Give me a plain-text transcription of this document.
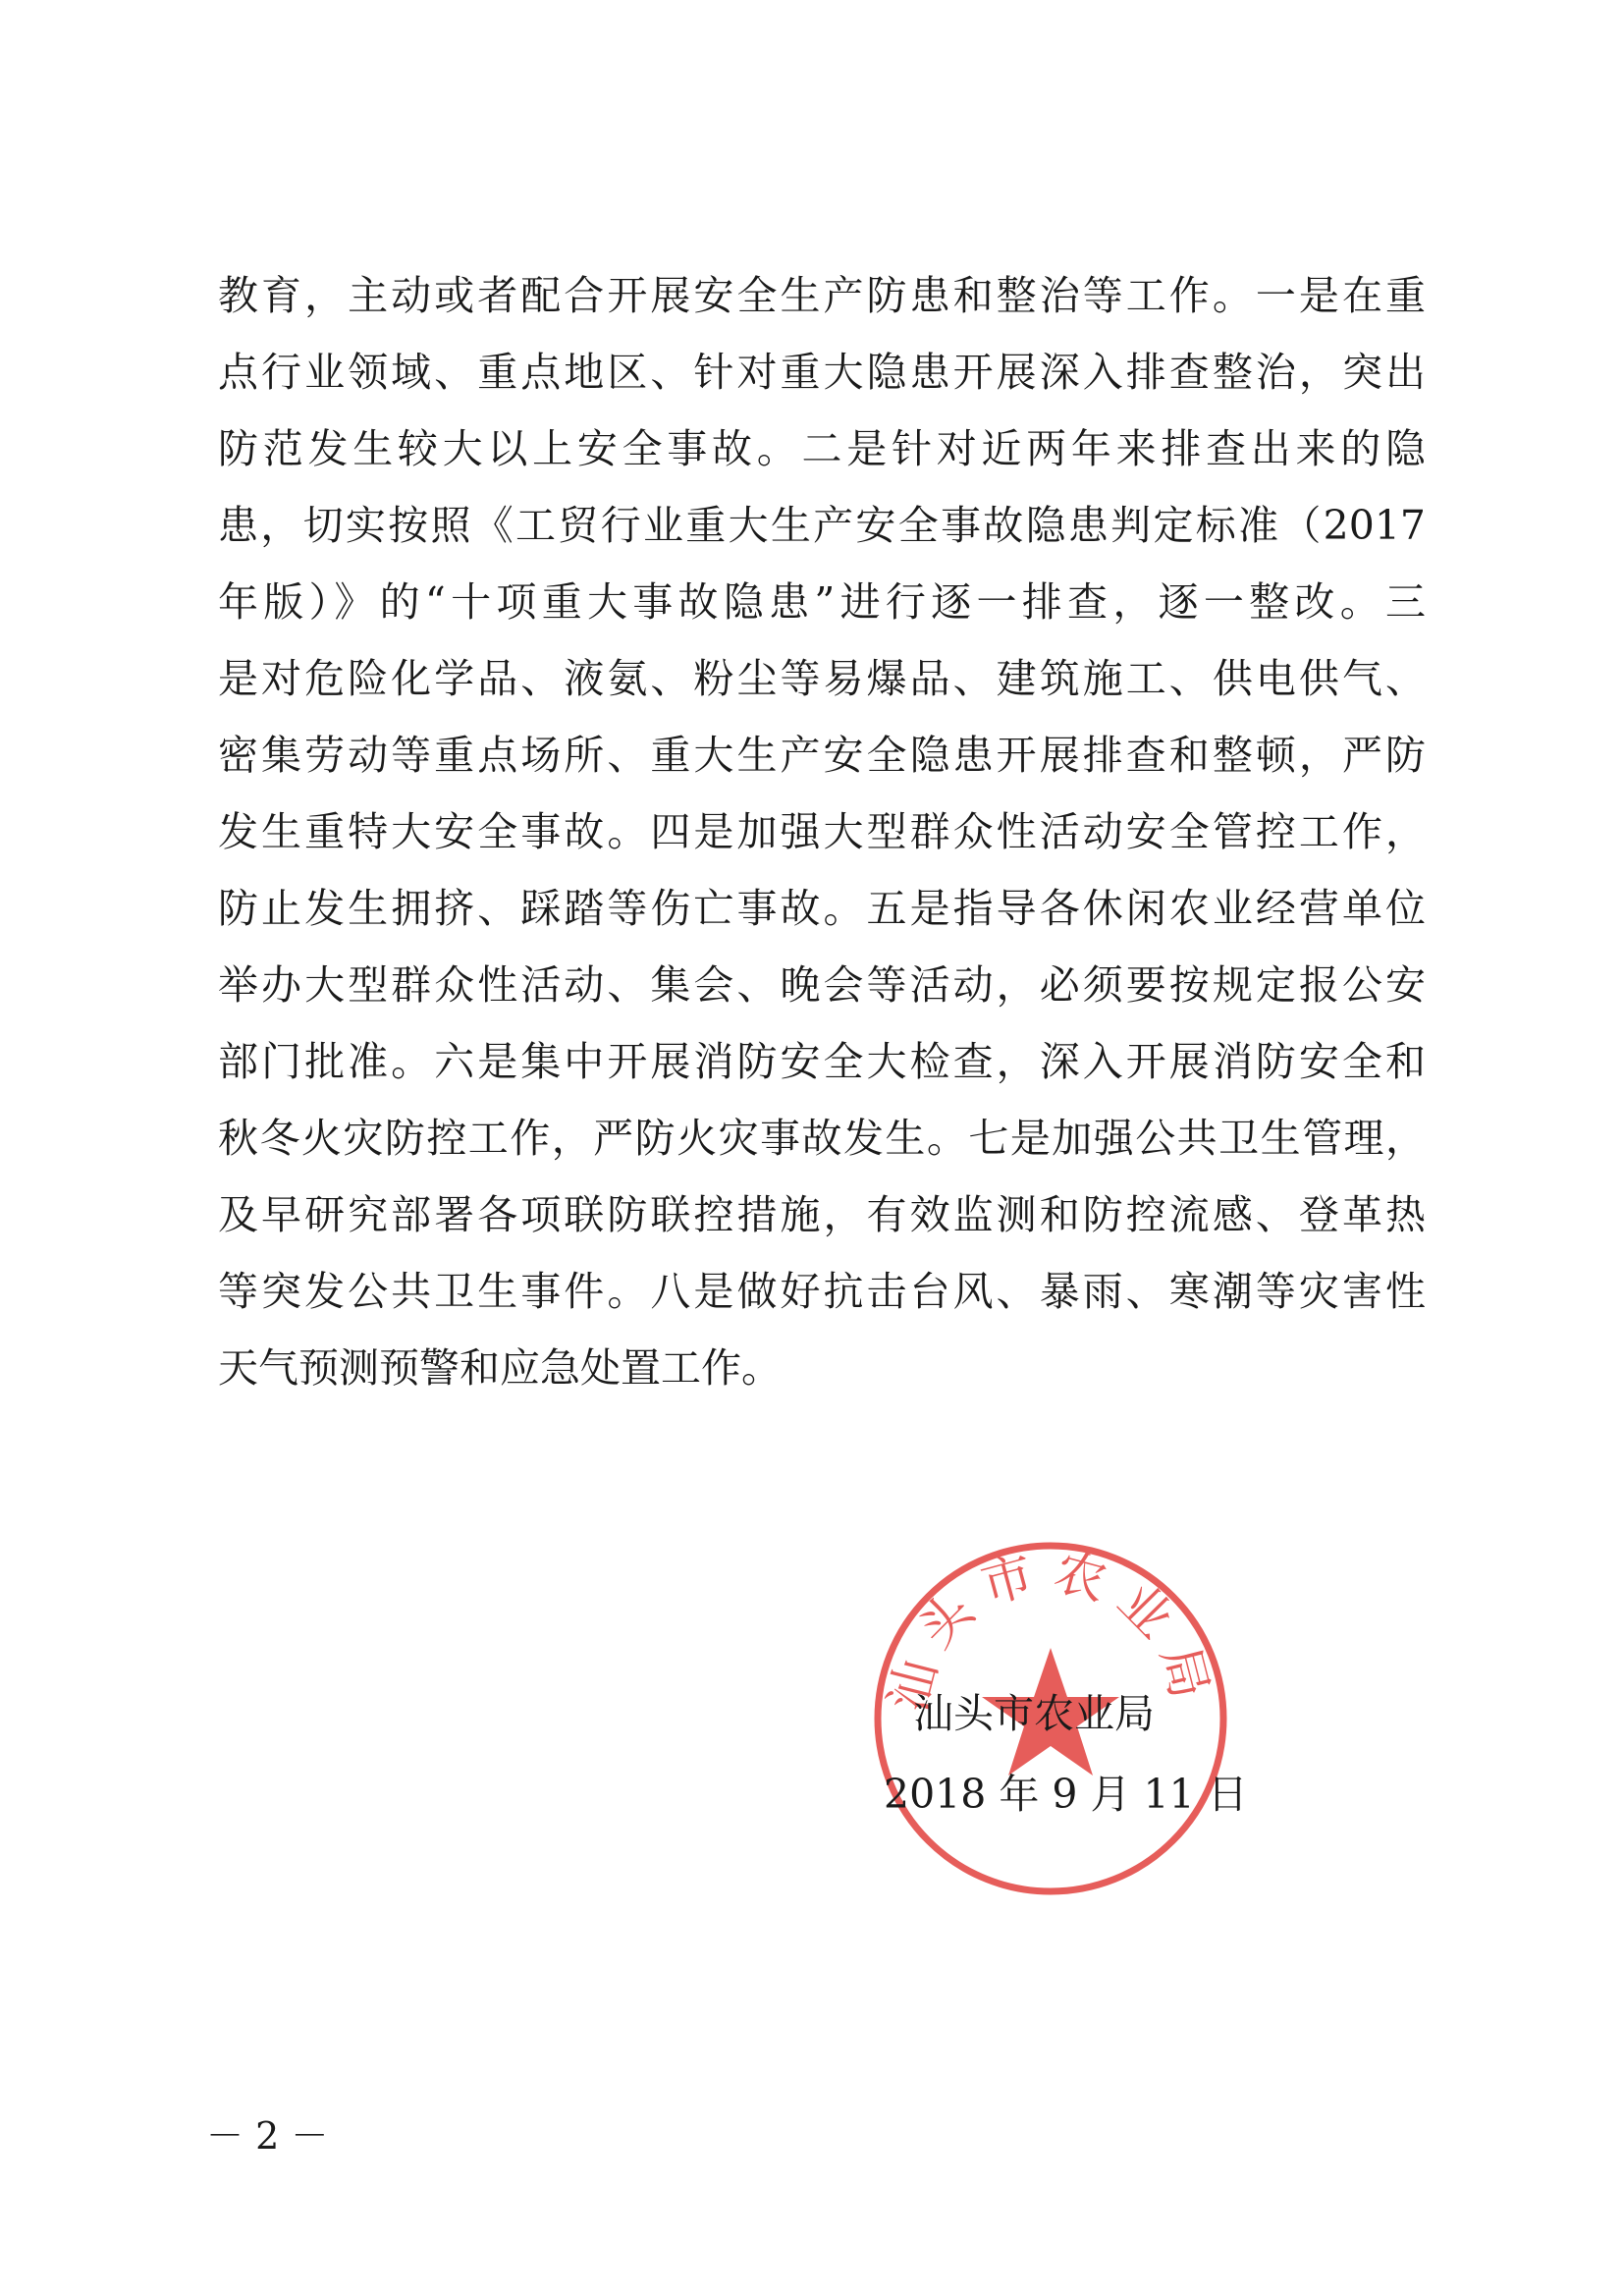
教育，主动或者配合开展安全生产防患和整治等工作。一是在重
点行业领域、重点地区、针对重大隐患开展深入排查整治，突出
防范发生较大以上安全事故。二是针对近两年来排查出来的隐
患，切实按照《工贸行业重大生产安全事故隐患判定标准（2017
年版）》的“十项重大事故隐患”进行逐一排查，逐一整改。三
是对危险化学品、液氨、粉尘等易爆品、建筑施工、供电供气、
密集劳动等重点场所、重大生产安全隐患开展排查和整顿，严防
发生重特大安全事故。四是加强大型群众性活动安全管控工作，
防止发生拥挤、踩踏等伤亡事故。五是指导各休闲农业经营单位
举办大型群众性活动、集会、晚会等活动，必须要按规定报公安
部门批准。六是集中开展消防安全大检查，深入开展消防安全和
秋冬火灾防控工作，严防火灾事故发生。七是加强公共卫生管理，
及早研究部署各项联防联控措施，有效监测和防控流感、登革热
等突发公共卫生事件。八是做好抗击台风、暴雨、寒潮等灾害性
天气预测预警和应急处置工作。
汕头市农业局
汕头市农业局
2018 年 9 月 11 日
－ 2 －
